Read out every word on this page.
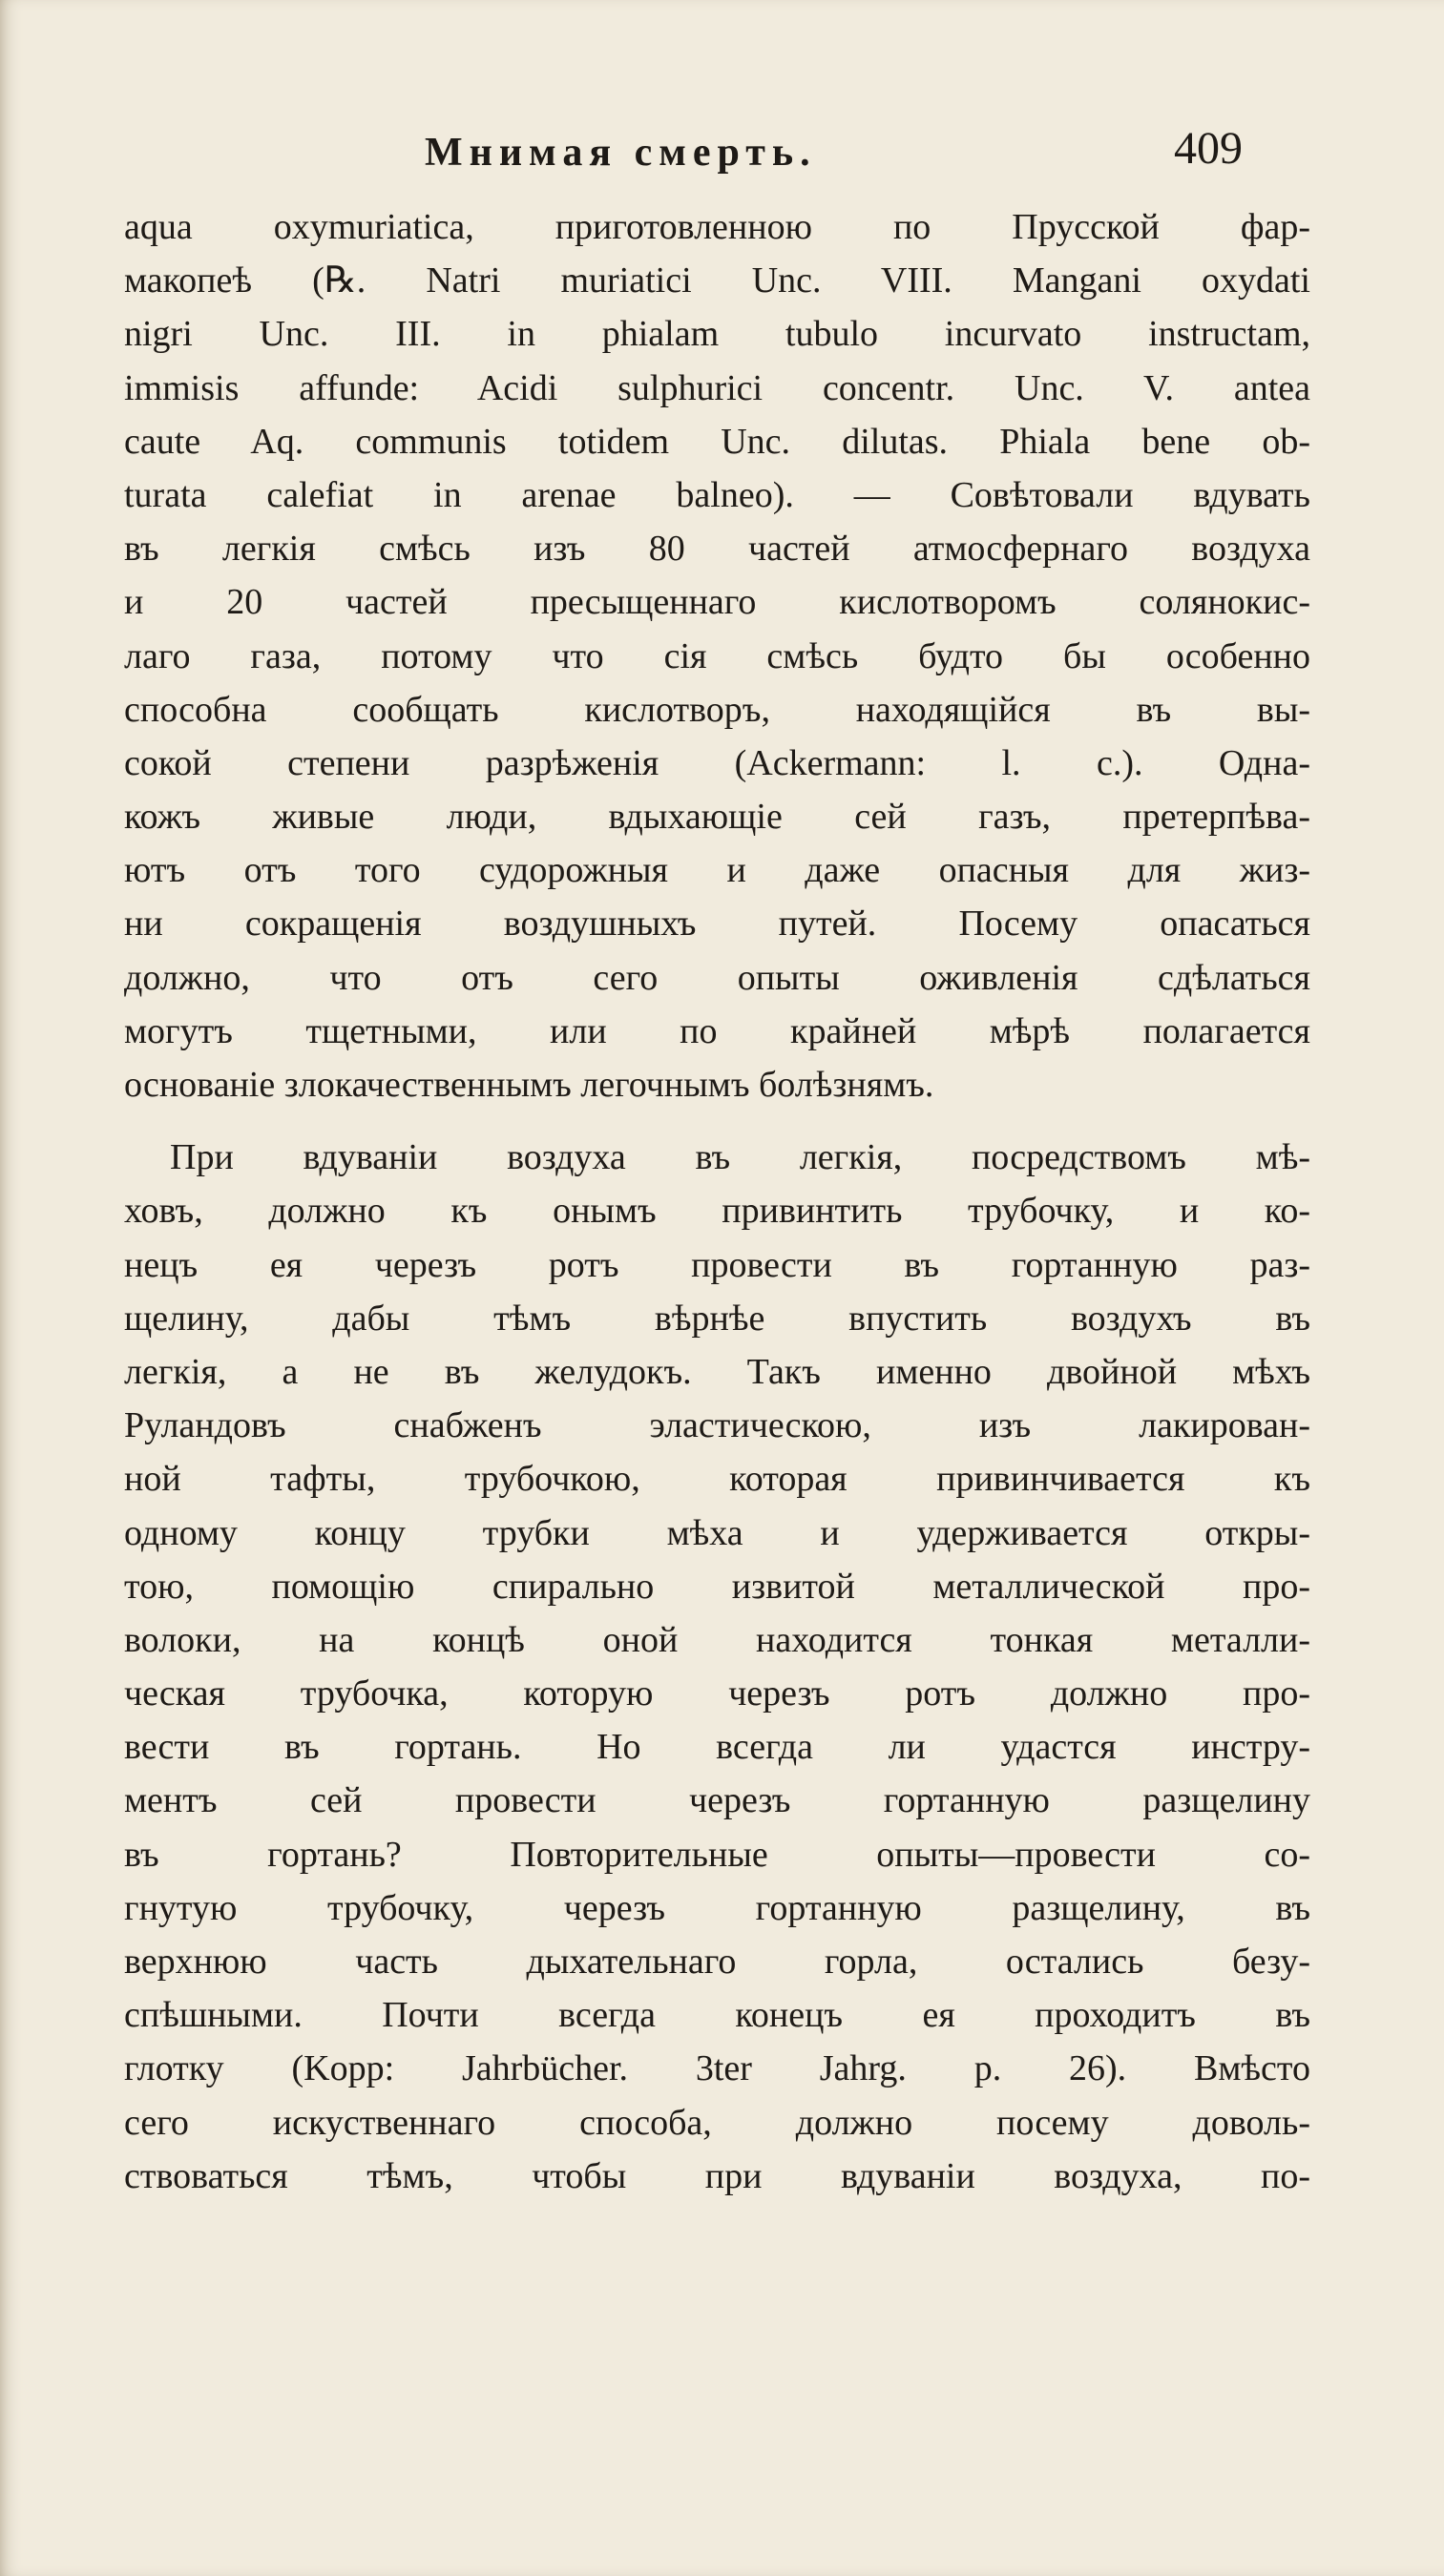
Мнимая смерть.	409
aqua oxymuriatica, приготовленною по Прусской фар-
макопеѣ (℞. Natri muriatici Unc. VIII. Mangani oxydati
nigri Unc. III. in phialam tubulo incurvato instructam,
immisis affunde: Acidi sulphurici concentr. Unc. V. antea
caute Aq. communis totidem Unc. dilutas. Phiala bene ob-
turata calefiat in arenae balneo). — Совѣтовали вдувать
въ легкія смѣсь изъ 80 частей атмосфернаго воздуха
и 20 частей пресыщеннаго кислотворомъ солянокис-
лаго газа, потому что сія смѣсь будто бы особенно
способна сообщать кислотворъ, находящійся въ вы-
сокой степени разрѣженія (Ackermann: l. c.). Одна-
кожъ живые люди, вдыхающіе сей газъ, претерпѣва-
ютъ отъ того судорожныя и даже опасныя для жиз-
ни сокращенія воздушныхъ путей. Посему опасаться
должно, что отъ сего опыты оживленія сдѣлаться
могутъ тщетными, или по крайней мѣрѣ полагается
основаніе злокачественнымъ легочнымъ болѣзнямъ.
При вдуваніи воздуха въ легкія, посредствомъ мѣ-
ховъ, должно къ онымъ привинтить трубочку, и ко-
нецъ ея черезъ ротъ провести въ гортанную раз-
щелину, дабы тѣмъ вѣрнѣе впустить воздухъ въ
легкія, а не въ желудокъ. Такъ именно двойной мѣхъ
Руландовъ снабженъ эластическою, изъ лакирован-
ной тафты, трубочкою, которая привинчивается къ
одному концу трубки мѣха и удерживается откры-
тою, помощію спирально извитой металлической про-
волоки, на концѣ оной находится тонкая металли-
ческая трубочка, которую черезъ ротъ должно про-
вести въ гортань. Но всегда ли удастся инстру-
ментъ сей провести черезъ гортанную разщелину
въ гортань? Повторительные опыты—провести со-
гнутую трубочку, черезъ гортанную разщелину, въ
верхнюю часть дыхательнаго горла, остались безу-
спѣшными. Почти всегда конецъ ея проходитъ въ
глотку (Kopp: Jahrbücher. 3ter Jahrg. p. 26). Вмѣсто
сего искуственнаго способа, должно посему доволь-
ствоваться тѣмъ, чтобы при вдуваніи воздуха, по-
